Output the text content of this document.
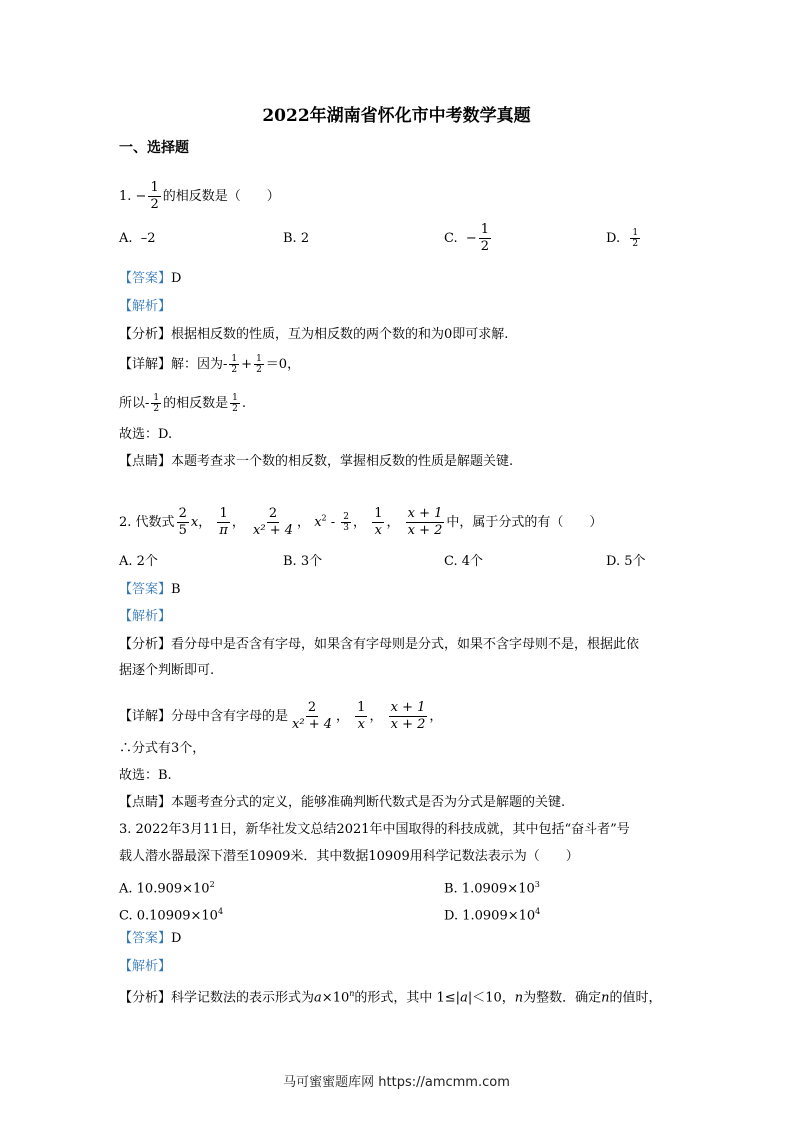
2022年湖南省怀化市中考数学真题
一、选择题
1. − $\frac{1}{2}$ 的相反数是（　　）
A. –2	B. 2	C. − $\frac{1}{2}$	D. $\frac{1}{2}$
【答案】D
【解析】
【分析】根据相反数的性质，互为相反数的两个数的和为0即可求解.
【详解】解：因为- $\frac{1}{2} + \frac{1}{2} =0$，
所以- $\frac{1}{2}$ 的相反数是 $\frac{1}{2}$ .
故选：D.
【点睛】本题考查求一个数的相反数，掌握相反数的性质是解题关键.
2. 代数式 $\frac{2}{5}$ x， $\frac{1}{\pi}$ ， $\frac{2}{\text{x² + 4}}$ ， $x^2 - \frac{2}{3}$ ， $\frac{1}{x}$ ， $\frac{x + 1}{x + 2}$ 中，属于分式的有（　　）
A. 2个	B. 3个	C. 4个	D. 5个
【答案】B
【解析】
【分析】看分母中是否含有字母，如果含有字母则是分式，如果不含字母则不是，根据此依
据逐个判断即可.
【详解】分母中含有字母的是 $\frac{2}{\text{x² + 4}}$ ， $\frac{1}{x}$ ， $\frac{x + 1}{x + 2}$ ，
∴分式有3个，
故选：B.
【点睛】本题考查分式的定义，能够准确判断代数式是否为分式是解题的关键.
3. 2022年3月11日，新华社发文总结2021年中国取得的科技成就，其中包括“奋斗者”号
载人潜水器最深下潜至10909米．其中数据10909用科学记数法表示为（　　）
A. $10.909\times 10^2$	B. $1.0909\times 10^3$
C. $0.10909\times 10^4$	D. $1.0909\times 10^4$
【答案】D
【解析】
【分析】科学记数法的表示形式为$a\times 10^n$的形式，其中 1≤|a|＜10，n为整数．确定n的值时，
马可蜜蜜题库网 https://amcmm.com
